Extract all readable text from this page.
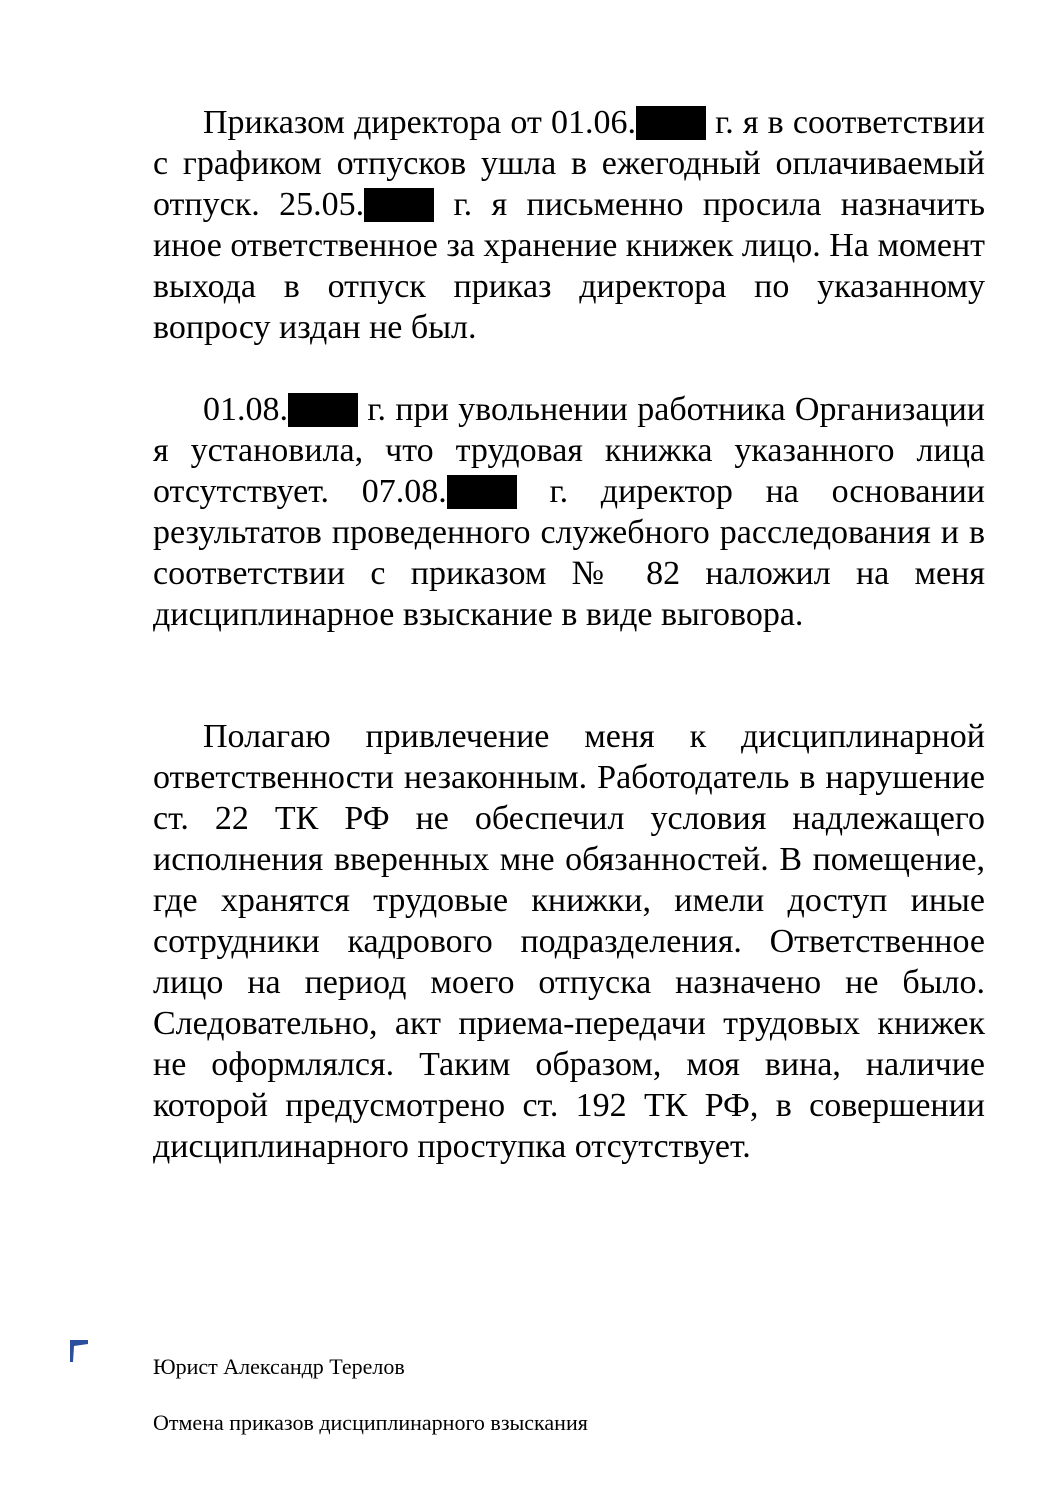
Приказом директора от 01.06. г. я в соответствии с графиком отпусков ушла в ежегодный оплачиваемый отпуск. 25.05. г. я письменно просила назначить иное ответственное за хранение книжек лицо. На момент выхода в отпуск приказ директора по указанному вопросу издан не был.

01.08. г. при увольнении работника Организации я установила, что трудовая книжка указанного лица отсутствует. 07.08. г. директор на основании результатов проведенного служебного расследования и в соответствии с приказом № 82 наложил на меня дисциплинарное взыскание в виде выговора.

Полагаю привлечение меня к дисциплинарной ответственности незаконным. Работодатель в нарушение ст. 22 ТК РФ не обеспечил условия надлежащего исполнения вверенных мне обязанностей. В помещение, где хранятся трудовые книжки, имели доступ иные сотрудники кадрового подразделения. Ответственное лицо на период моего отпуска назначено не было. Следовательно, акт приема-передачи трудовых книжек не оформлялся. Таким образом, моя вина, наличие которой предусмотрено ст. 192 ТК РФ, в совершении дисциплинарного проступка отсутствует.

Юрист Александр Терелов
Отмена приказов дисциплинарного взыскания
